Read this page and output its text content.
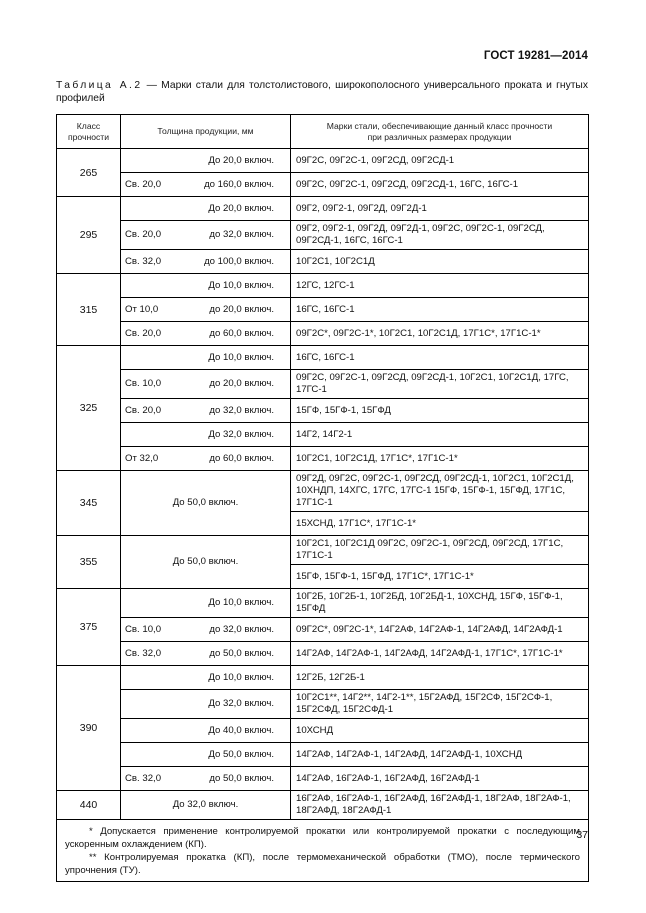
ГОСТ 19281—2014
Таблица А.2 — Марки стали для толстолистового, широкополосного универсального проката и гнутых профилей
Класс
прочности	Толщина продукции, мм	Марки стали, обеспечивающие данный класс прочности
при различных размерах продукции
265	До 20,0 включ.	09Г2С, 09Г2С-1, 09Г2СД, 09Г2СД-1

	Св. 20,0 до 160,0 включ.	09Г2С, 09Г2С-1, 09Г2СД, 09Г2СД-1, 16ГС, 16ГС-1
295	До 20,0 включ.	09Г2, 09Г2-1, 09Г2Д, 09Г2Д-1

	Св. 20,0 до 32,0 включ.	09Г2, 09Г2-1, 09Г2Д, 09Г2Д-1, 09Г2С, 09Г2С-1, 09Г2СД, 09Г2СД-1, 16ГС, 16ГС-1

	Св. 32,0 до 100,0 включ.	10Г2С1, 10Г2С1Д
315	До 10,0 включ.	12ГС, 12ГС-1

	От 10,0 до 20,0 включ.	16ГС, 16ГС-1

	Св. 20,0 до 60,0 включ.	09Г2С*, 09Г2С-1*, 10Г2С1, 10Г2С1Д, 17Г1С*, 17Г1С-1*
325	До 10,0 включ.	16ГС, 16ГС-1

	Св. 10,0 до 20,0 включ.	09Г2С, 09Г2С-1, 09Г2СД, 09Г2СД-1, 10Г2С1, 10Г2С1Д, 17ГС, 17ГС-1

	Св. 20,0 до 32,0 включ.	15ГФ, 15ГФ-1, 15ГФД
	До 32,0 включ.	14Г2, 14Г2-1

	От 32,0 до 60,0 включ.	10Г2С1, 10Г2С1Д, 17Г1С*, 17Г1С-1*
345	До 50,0 включ.	09Г2Д, 09Г2С, 09Г2С-1, 09Г2СД, 09Г2СД-1, 10Г2С1, 10Г2С1Д, 10ХНДП, 14ХГС, 17ГС, 17ГС-1 15ГФ, 15ГФ-1, 15ГФД, 17Г1С, 17Г1С-1
		15ХСНД, 17Г1С*, 17Г1С-1*
355	До 50,0 включ.	10Г2С1, 10Г2С1Д 09Г2С, 09Г2С-1, 09Г2СД, 09Г2СД, 17Г1С, 17Г1С-1
		15ГФ, 15ГФ-1, 15ГФД, 17Г1С*, 17Г1С-1*
375	До 10,0 включ.	10Г2Б, 10Г2Б-1, 10Г2БД, 10Г2БД-1, 10ХСНД, 15ГФ, 15ГФ-1, 15ГФД

	Св. 10,0 до 32,0 включ.	09Г2С*, 09Г2С-1*, 14Г2АФ, 14Г2АФ-1, 14Г2АФД, 14Г2АФД-1

	Св. 32,0 до 50,0 включ.	14Г2АФ, 14Г2АФ-1, 14Г2АФД, 14Г2АФД-1, 17Г1С*, 17Г1С-1*
390	До 10,0 включ.	12Г2Б, 12Г2Б-1
	До 32,0 включ.	10Г2С1**, 14Г2**, 14Г2-1**, 15Г2АФД, 15Г2СФ, 15Г2СФ-1, 15Г2СФД, 15Г2СФД-1
	До 40,0 включ.	10ХСНД
	До 50,0 включ.	14Г2АФ, 14Г2АФ-1, 14Г2АФД, 14Г2АФД-1, 10ХСНД

	Св. 32,0 до 50,0 включ.	14Г2АФ, 16Г2АФ-1, 16Г2АФД, 16Г2АФД-1
440	До 32,0 включ.	16Г2АФ, 16Г2АФ-1, 16Г2АФД, 16Г2АФД-1, 18Г2АФ, 18Г2АФ-1, 18Г2АФД, 18Г2АФД-1

* Допускается применение контролируемой прокатки или контролируемой прокатки с последующим ускоренным охлаждением (КП).

** Контролируемая прокатка (КП), после термомеханической обработки (ТМО), после термического упрочнения (ТУ).		

37
